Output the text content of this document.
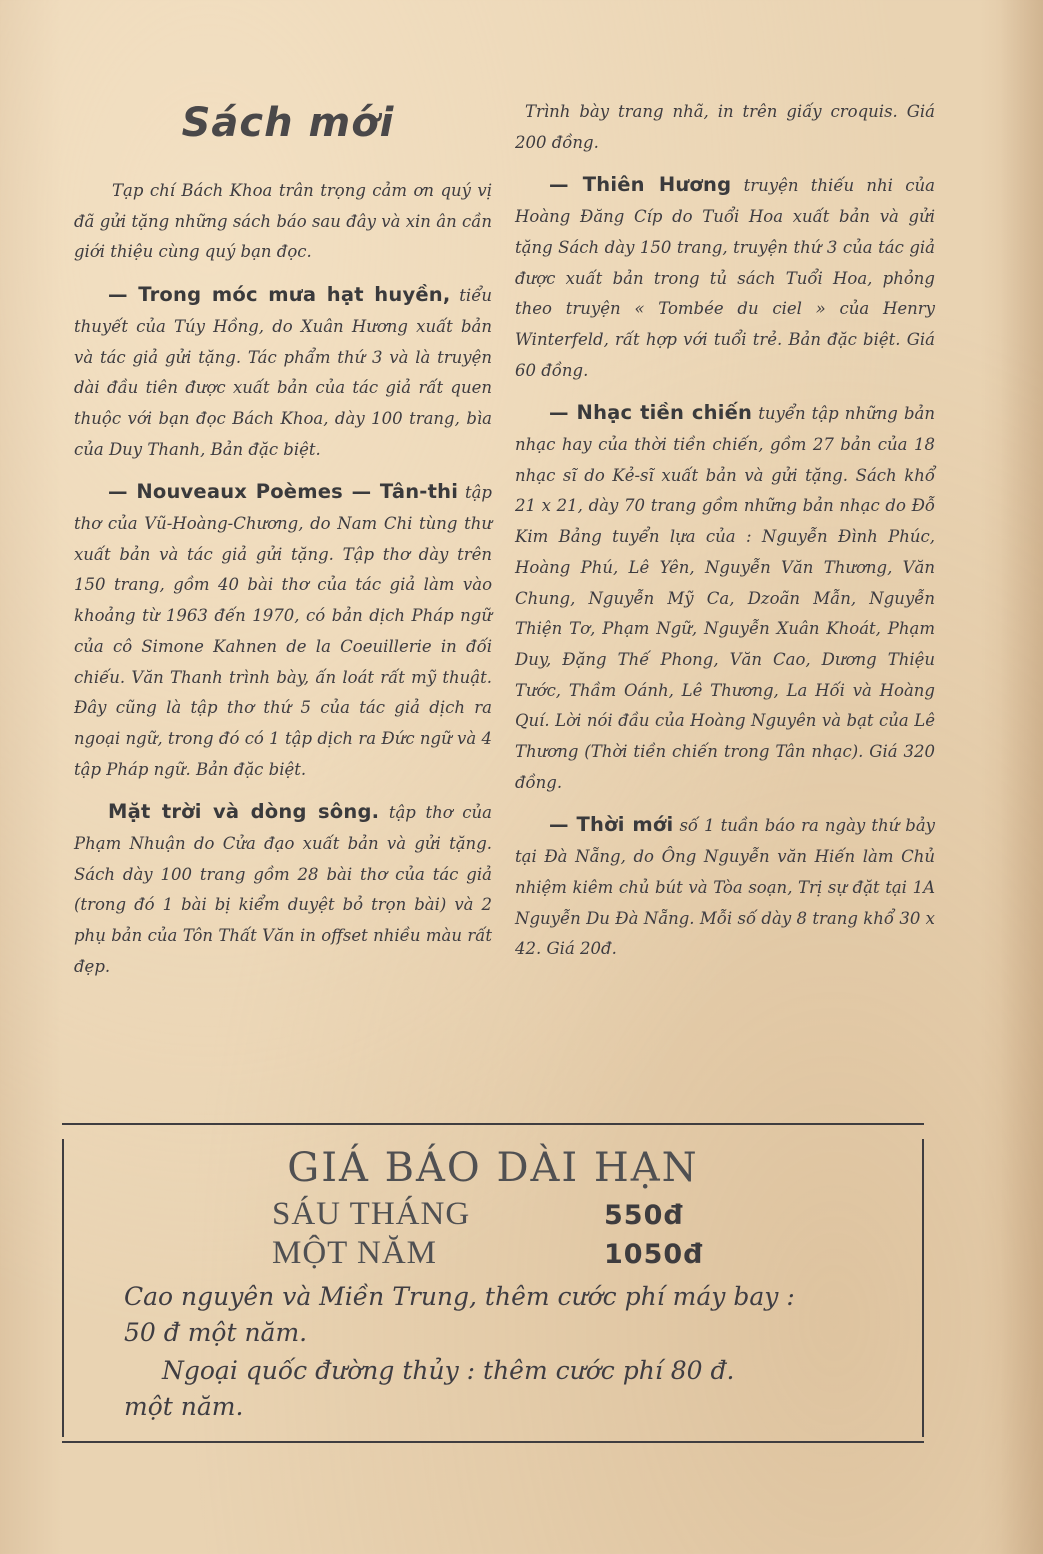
Sách mới

Tạp chí Bách Khoa trân trọng cảm ơn quý vị đã gửi tặng những sách báo sau đây và xin ân cần giới thiệu cùng quý bạn đọc.

— Trong móc mưa hạt huyền, tiểu thuyết của Túy Hồng, do Xuân Hương xuất bản và tác giả gửi tặng. Tác phẩm thứ 3 và là truyện dài đầu tiên được xuất bản của tác giả rất quen thuộc với bạn đọc Bách Khoa, dày 100 trang, bìa của Duy Thanh, Bản đặc biệt.

— Nouveaux Poèmes — Tân-thi tập thơ của Vũ-Hoàng-Chương, do Nam Chi tùng thư xuất bản và tác giả gửi tặng. Tập thơ dày trên 150 trang, gồm 40 bài thơ của tác giả làm vào khoảng từ 1963 đến 1970, có bản dịch Pháp ngữ của cô Simone Kahnen de la Coeuillerie in đối chiếu. Văn Thanh trình bày, ấn loát rất mỹ thuật. Đây cũng là tập thơ thứ 5 của tác giả dịch ra ngoại ngữ, trong đó có 1 tập dịch ra Đức ngữ và 4 tập Pháp ngữ. Bản đặc biệt.

Mặt trời và dòng sông. tập thơ của Phạm Nhuận do Cửa đạo xuất bản và gửi tặng. Sách dày 100 trang gồm 28 bài thơ của tác giả (trong đó 1 bài bị kiểm duyệt bỏ trọn bài) và 2 phụ bản của Tôn Thất Văn in offset nhiều màu rất đẹp.

Trình bày trang nhã, in trên giấy croquis. Giá 200 đồng.

— Thiên Hương truyện thiếu nhi của Hoàng Đăng Cíp do Tuổi Hoa xuất bản và gửi tặng Sách dày 150 trang, truyện thứ 3 của tác giả được xuất bản trong tủ sách Tuổi Hoa, phỏng theo truyện « Tombée du ciel » của Henry Winterfeld, rất hợp với tuổi trẻ. Bản đặc biệt. Giá 60 đồng.

— Nhạc tiền chiến tuyển tập những bản nhạc hay của thời tiền chiến, gồm 27 bản của 18 nhạc sĩ do Kẻ-sĩ xuất bản và gửi tặng. Sách khổ 21 x 21, dày 70 trang gồm những bản nhạc do Đỗ Kim Bảng tuyển lựa của : Nguyễn Đình Phúc, Hoàng Phú, Lê Yên, Nguyễn Văn Thương, Văn Chung, Nguyễn Mỹ Ca, Dzoãn Mẫn, Nguyễn Thiện Tơ, Phạm Ngữ, Nguyễn Xuân Khoát, Phạm Duy, Đặng Thế Phong, Văn Cao, Dương Thiệu Tước, Thầm Oánh, Lê Thương, La Hối và Hoàng Quí. Lời nói đầu của Hoàng Nguyên và bạt của Lê Thương (Thời tiền chiến trong Tân nhạc). Giá 320 đồng.

— Thời mới số 1 tuần báo ra ngày thứ bảy tại Đà Nẵng, do Ông Nguyễn văn Hiến làm Chủ nhiệm kiêm chủ bút và Tòa soạn, Trị sự đặt tại 1A Nguyễn Du Đà Nẵng. Mỗi số dày 8 trang khổ 30 x 42. Giá 20đ.

GIÁ BÁO DÀI HẠN
SÁU THÁNG	550đ
MỘT NĂM	1050đ
Cao nguyên và Miền Trung, thêm cước phí máy bay :
50 đ một năm.
Ngoại quốc đường thủy : thêm cước phí 80 đ.
một năm.
